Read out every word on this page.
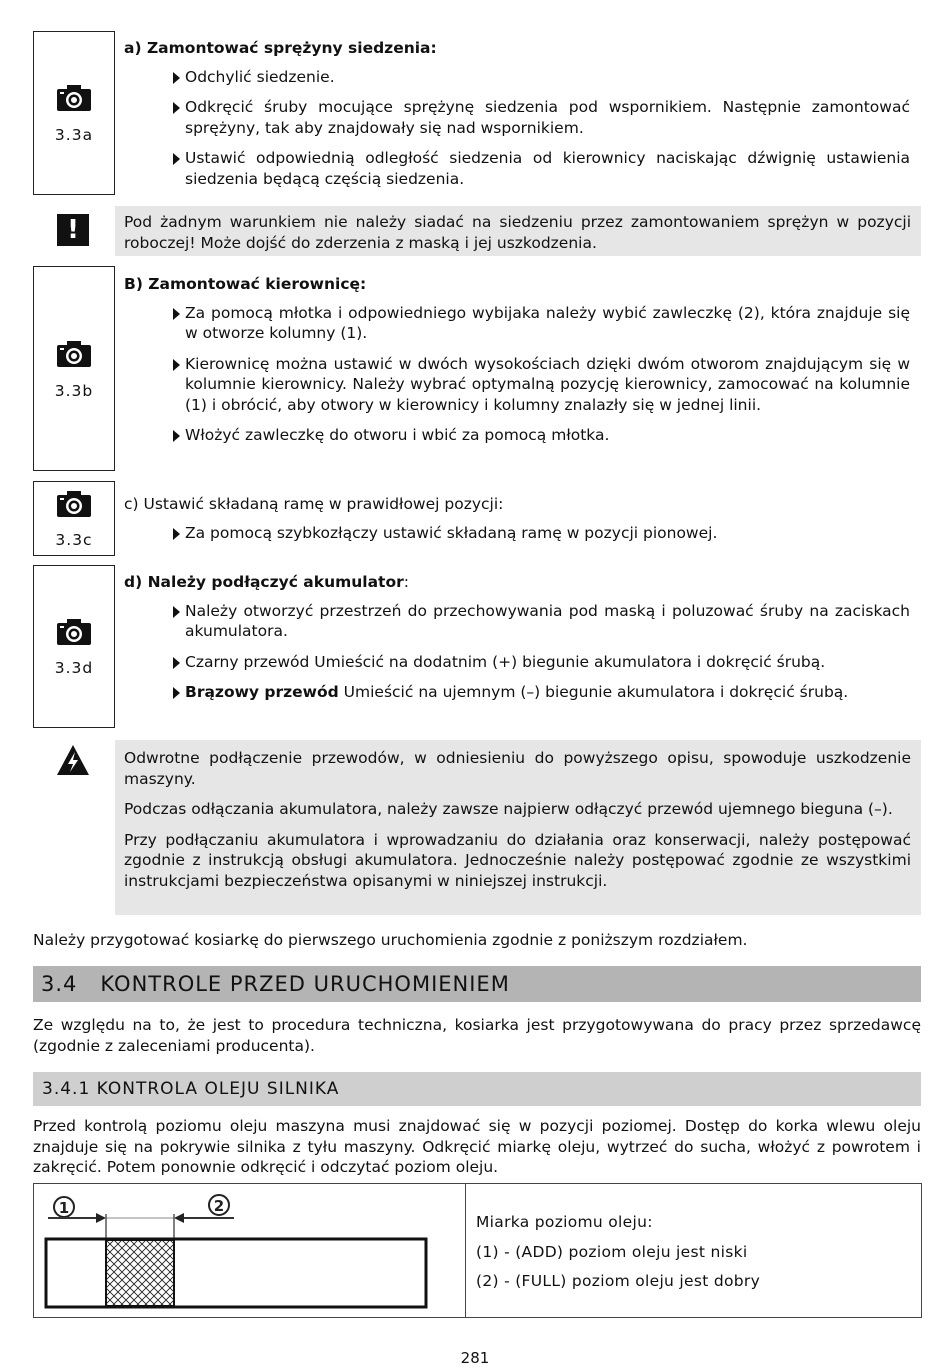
3.3a
a) Zamontować sprężyny siedzenia:
Odchylić siedzenie.
Odkręcić śruby mocujące sprężynę siedzenia pod wspornikiem. Następnie zamontować sprężyny, tak aby znajdowały się nad wspornikiem.
Ustawić odpowiednią odległość siedzenia od kierownicy naciskając dźwignię ustawienia siedzenia będącą częścią siedzenia.
!	Pod żadnym warunkiem nie należy siadać na siedzeniu przez zamontowaniem sprężyn w pozycji roboczej! Może dojść do zderzenia z maską i jej uszkodzenia.

3.3b
B) Zamontować kierownicę:
Za pomocą młotka i odpowiedniego wybijaka należy wybić zawleczkę (2), która znajduje się w otworze kolumny (1).
Kierownicę można ustawić w dwóch wysokościach dzięki dwóm otworom znajdującym się w kolumnie kierownicy. Należy wybrać optymalną pozycję kierownicy, zamocować na kolumnie (1) i obrócić, aby otwory w kierownicy i kolumny znalazły się w jednej linii.
Włożyć zawleczkę do otworu i wbić za pomocą młotka.
3.3c
c) Ustawić składaną ramę w prawidłowej pozycji:
Za pomocą szybkozłączy ustawić składaną ramę w pozycji pionowej.
3.3d
d) Należy podłączyć akumulator:
Należy otworzyć przestrzeń do przechowywania pod maską i poluzować śruby na zaciskach akumulatora.
Czarny przewód Umieścić na dodatnim (+) biegunie akumulatora i dokręcić śrubą.
Brązowy przewód Umieścić na ujemnym (–) biegunie akumulatora i dokręcić śrubą.

Odwrotne podłączenie przewodów, w odniesieniu do powyższego opisu, spowoduje uszkodzenie maszyny.

Podczas odłączania akumulatora, należy zawsze najpierw odłączyć przewód ujemnego bieguna (–).

Przy podłączaniu akumulatora i wprowadzaniu do działania oraz konserwacji, należy postępować zgodnie z instrukcją obsługi akumulatora. Jednocześnie należy postępować zgodnie ze wszystkimi instrukcjami bezpieczeństwa opisanymi w niniejszej instrukcji.

Należy przygotować kosiarkę do pierwszego uruchomienia zgodnie z poniższym rozdziałem.
3.4   KONTROLE PRZED URUCHOMIENIEM
Ze względu na to, że jest to procedura techniczna, kosiarka jest przygotowywana do pracy przez sprzedawcę (zgodnie z zaleceniami producenta).
3.4.1 KONTROLA OLEJU SILNIKA
Przed kontrolą poziomu oleju maszyna musi znajdować się w pozycji poziomej. Dostęp do korka wlewu oleju znajduje się na pokrywie silnika z tyłu maszyny. Odkręcić miarkę oleju, wytrzeć do sucha, włożyć z powrotem i zakręcić. Potem ponownie odkręcić i odczytać poziom oleju.
1	2

Miarka poziomu oleju:

(1) - (ADD) poziom oleju jest niski

(2) - (FULL) poziom oleju jest dobry

281
